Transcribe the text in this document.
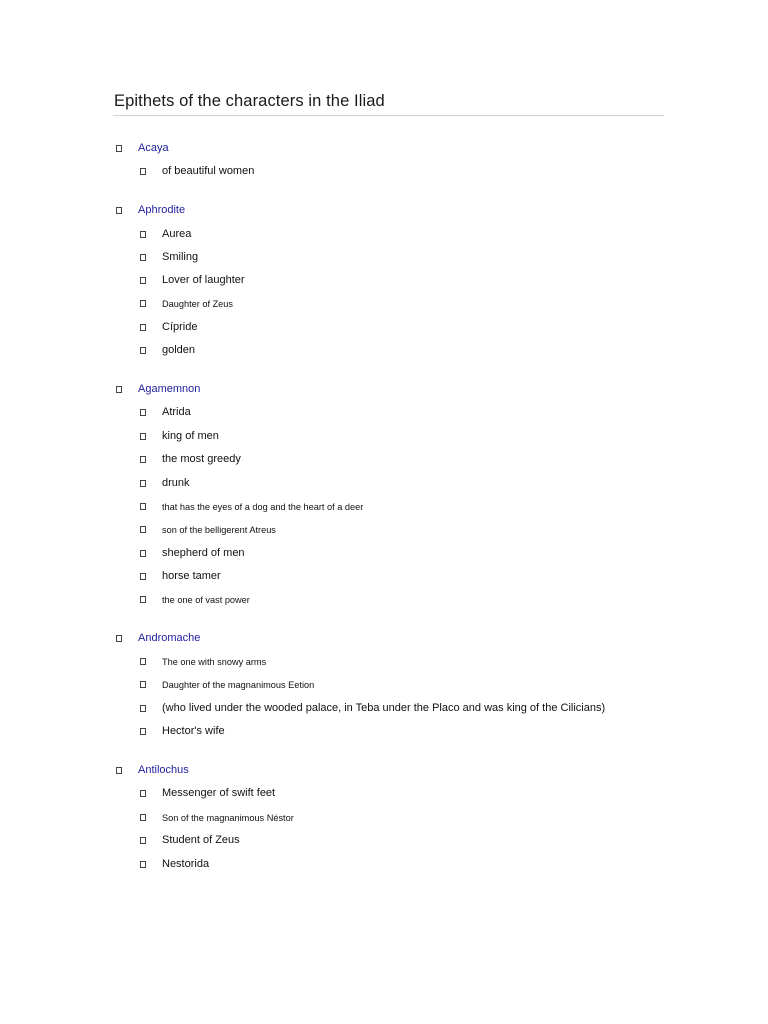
Epithets of the characters in the Iliad
Acaya
of beautiful women
Aphrodite
Aurea
Smiling
Lover of laughter
Daughter of Zeus
Cípride
golden
Agamemnon
Atrida
king of men
the most greedy
drunk
that has the eyes of a dog and the heart of a deer
son of the belligerent Atreus
shepherd of men
horse tamer
the one of vast power
Andromache
The one with snowy arms
Daughter of the magnanimous Eetion
(who lived under the wooded palace, in Teba under the Placo and was king of the Cilicians)
Hector's wife
Antilochus
Messenger of swift feet
Son of the magnanimous Néstor
Student of Zeus
Nestorida
